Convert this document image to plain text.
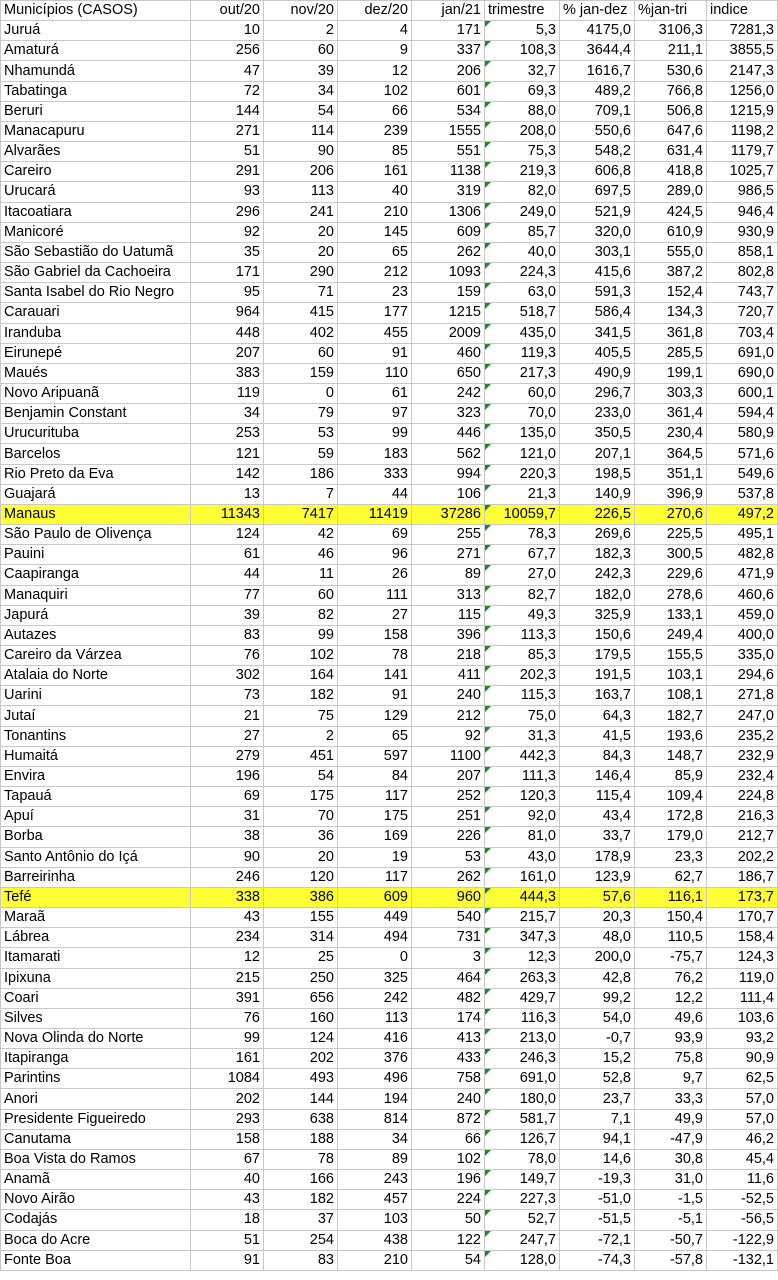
Municípios (CASOS)	out/20	nov/20	dez/20	jan/21	trimestre	% jan-dez	%jan-tri	indice
Juruá	10	2	4	171	5,3	4175,0	3106,3	7281,3
Amaturá	256	60	9	337	108,3	3644,4	211,1	3855,5
Nhamundá	47	39	12	206	32,7	1616,7	530,6	2147,3
Tabatinga	72	34	102	601	69,3	489,2	766,8	1256,0
Beruri	144	54	66	534	88,0	709,1	506,8	1215,9
Manacapuru	271	114	239	1555	208,0	550,6	647,6	1198,2
Alvarães	51	90	85	551	75,3	548,2	631,4	1179,7
Careiro	291	206	161	1138	219,3	606,8	418,8	1025,7
Urucará	93	113	40	319	82,0	697,5	289,0	986,5
Itacoatiara	296	241	210	1306	249,0	521,9	424,5	946,4
Manicoré	92	20	145	609	85,7	320,0	610,9	930,9
São Sebastião do Uatumã	35	20	65	262	40,0	303,1	555,0	858,1
São Gabriel da Cachoeira	171	290	212	1093	224,3	415,6	387,2	802,8
Santa Isabel do Rio Negro	95	71	23	159	63,0	591,3	152,4	743,7
Carauari	964	415	177	1215	518,7	586,4	134,3	720,7
Iranduba	448	402	455	2009	435,0	341,5	361,8	703,4
Eirunepé	207	60	91	460	119,3	405,5	285,5	691,0
Maués	383	159	110	650	217,3	490,9	199,1	690,0
Novo Aripuanã	119	0	61	242	60,0	296,7	303,3	600,1
Benjamin Constant	34	79	97	323	70,0	233,0	361,4	594,4
Urucurituba	253	53	99	446	135,0	350,5	230,4	580,9
Barcelos	121	59	183	562	121,0	207,1	364,5	571,6
Rio Preto da Eva	142	186	333	994	220,3	198,5	351,1	549,6
Guajará	13	7	44	106	21,3	140,9	396,9	537,8
Manaus	11343	7417	11419	37286	10059,7	226,5	270,6	497,2
São Paulo de Olivença	124	42	69	255	78,3	269,6	225,5	495,1
Pauini	61	46	96	271	67,7	182,3	300,5	482,8
Caapiranga	44	11	26	89	27,0	242,3	229,6	471,9
Manaquiri	77	60	111	313	82,7	182,0	278,6	460,6
Japurá	39	82	27	115	49,3	325,9	133,1	459,0
Autazes	83	99	158	396	113,3	150,6	249,4	400,0
Careiro da Várzea	76	102	78	218	85,3	179,5	155,5	335,0
Atalaia do Norte	302	164	141	411	202,3	191,5	103,1	294,6
Uarini	73	182	91	240	115,3	163,7	108,1	271,8
Jutaí	21	75	129	212	75,0	64,3	182,7	247,0
Tonantins	27	2	65	92	31,3	41,5	193,6	235,2
Humaitá	279	451	597	1100	442,3	84,3	148,7	232,9
Envira	196	54	84	207	111,3	146,4	85,9	232,4
Tapauá	69	175	117	252	120,3	115,4	109,4	224,8
Apuí	31	70	175	251	92,0	43,4	172,8	216,3
Borba	38	36	169	226	81,0	33,7	179,0	212,7
Santo Antônio do Içá	90	20	19	53	43,0	178,9	23,3	202,2
Barreirinha	246	120	117	262	161,0	123,9	62,7	186,7
Tefé	338	386	609	960	444,3	57,6	116,1	173,7
Maraã	43	155	449	540	215,7	20,3	150,4	170,7
Lábrea	234	314	494	731	347,3	48,0	110,5	158,4
Itamarati	12	25	0	3	12,3	200,0	-75,7	124,3
Ipixuna	215	250	325	464	263,3	42,8	76,2	119,0
Coari	391	656	242	482	429,7	99,2	12,2	111,4
Silves	76	160	113	174	116,3	54,0	49,6	103,6
Nova Olinda do Norte	99	124	416	413	213,0	-0,7	93,9	93,2
Itapiranga	161	202	376	433	246,3	15,2	75,8	90,9
Parintins	1084	493	496	758	691,0	52,8	9,7	62,5
Anori	202	144	194	240	180,0	23,7	33,3	57,0
Presidente Figueiredo	293	638	814	872	581,7	7,1	49,9	57,0
Canutama	158	188	34	66	126,7	94,1	-47,9	46,2
Boa Vista do Ramos	67	78	89	102	78,0	14,6	30,8	45,4
Anamã	40	166	243	196	149,7	-19,3	31,0	11,6
Novo Airão	43	182	457	224	227,3	-51,0	-1,5	-52,5
Codajás	18	37	103	50	52,7	-51,5	-5,1	-56,5
Boca do Acre	51	254	438	122	247,7	-72,1	-50,7	-122,9
Fonte Boa	91	83	210	54	128,0	-74,3	-57,8	-132,1
